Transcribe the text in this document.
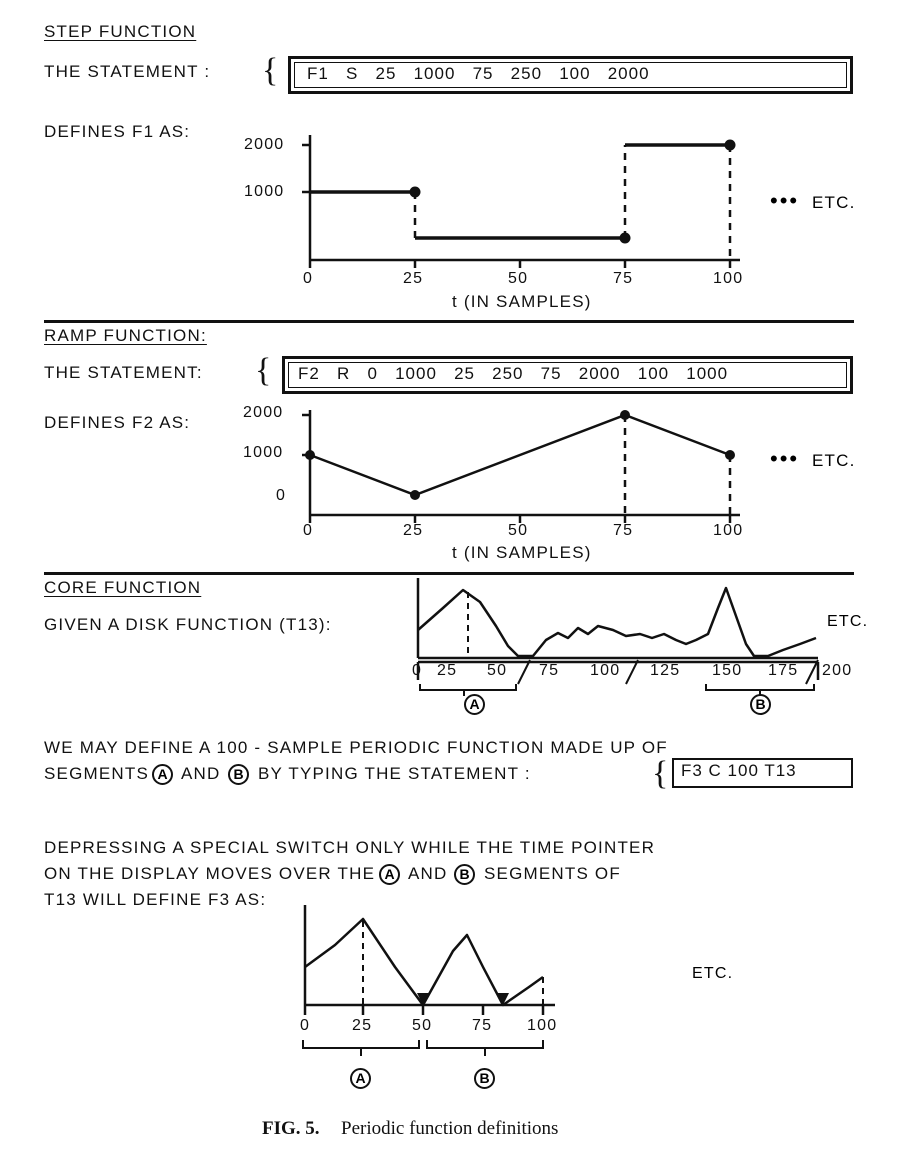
STEP FUNCTION
THE STATEMENT : { F1   S   25   1000   75   250   100   2000
DEFINES F1 AS:
2000
1000
0	25	50	75	100
••• ETC.
t (IN SAMPLES)
RAMP FUNCTION:
THE STATEMENT: { F2   R   0   1000   25   250   75   2000   100   1000
DEFINES F2 AS:
2000
1000
0
0	25	50	75	100
••• ETC.
t (IN SAMPLES)
CORE FUNCTION
GIVEN A DISK FUNCTION (T13):	ETC.
0 25 50 75 100 125 150 175 200
A	B
WE MAY DEFINE A 100 - SAMPLE PERIODIC FUNCTION MADE UP OF
SEGMENTS A AND B BY TYPING THE STATEMENT :	{ F3 C 100 T13
DEPRESSING A SPECIAL SWITCH ONLY WHILE THE TIME POINTER
ON THE DISPLAY MOVES OVER THE A AND B SEGMENTS OF
T13 WILL DEFINE F3 AS:
ETC.
0	25 50 75 100
A	B
FIG. 5. Periodic function definitions
